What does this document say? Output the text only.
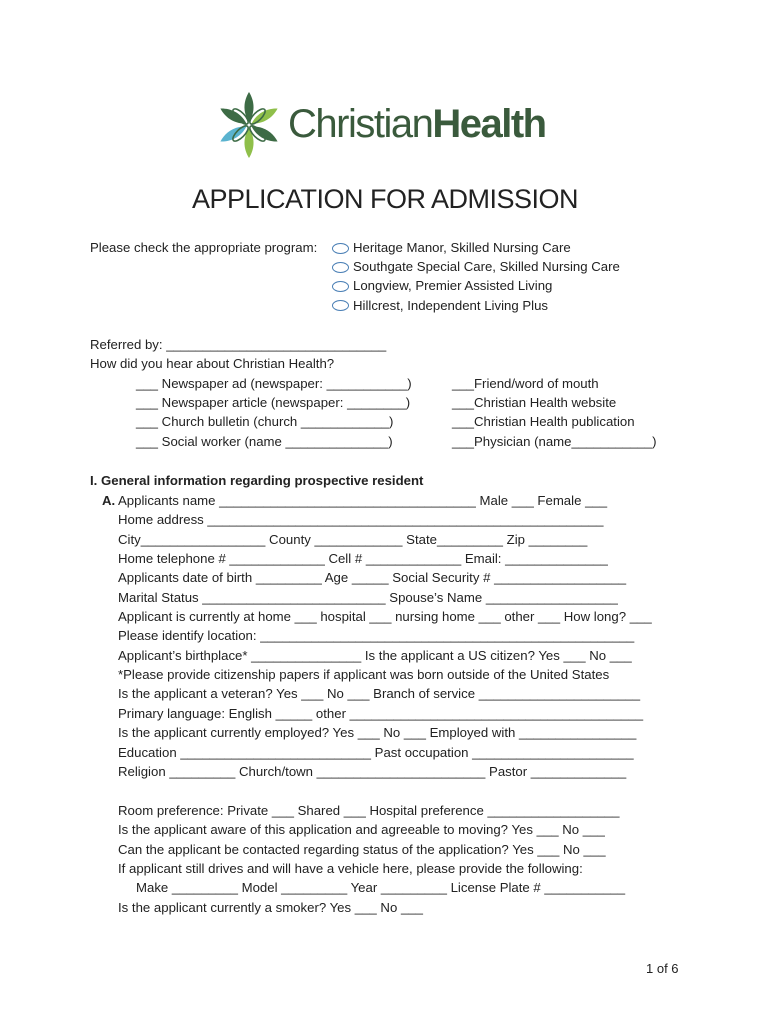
ChristianHealth
APPLICATION FOR ADMISSION
Please check the appropriate program:	Heritage Manor, Skilled Nursing Care
Southgate Special Care, Skilled Nursing Care
Longview, Premier Assisted Living
Hillcrest, Independent Living Plus
Referred by: ______________________________
How did you hear about Christian Health?
___ Newspaper ad (newspaper: ___________)
___ Newspaper article (newspaper: ________)
___ Church bulletin (church ____________)
___ Social worker (name ______________)
___Friend/word of mouth
___Christian Health website
___Christian Health publication
___Physician (name___________)
I. General information regarding prospective resident
A. Applicants name ___________________________________ Male ___ Female ___
Home address ______________________________________________________
City_________________ County ____________ State_________ Zip ________
Home telephone # _____________ Cell # _____________ Email: ______________
Applicants date of birth _________ Age _____ Social Security # __________________
Marital Status _________________________ Spouse’s Name __________________
Applicant is currently at home ___ hospital ___ nursing home ___ other ___ How long? ___
Please identify location: ___________________________________________________
Applicant’s birthplace* _______________ Is the applicant a US citizen? Yes ___ No ___
*Please provide citizenship papers if applicant was born outside of the United States
Is the applicant a veteran? Yes ___ No ___ Branch of service ______________________
Primary language: English _____ other ________________________________________
Is the applicant currently employed? Yes ___ No ___ Employed with ________________
Education __________________________ Past occupation ______________________
Religion _________ Church/town _______________________ Pastor _____________
Room preference: Private ___ Shared ___ Hospital preference __________________
Is the applicant aware of this application and agreeable to moving? Yes ___ No ___
Can the applicant be contacted regarding status of the application? Yes ___ No ___
If applicant still drives and will have a vehicle here, please provide the following:
Make _________ Model _________ Year _________ License Plate # ___________
Is the applicant currently a smoker? Yes ___ No ___
1 of 6
